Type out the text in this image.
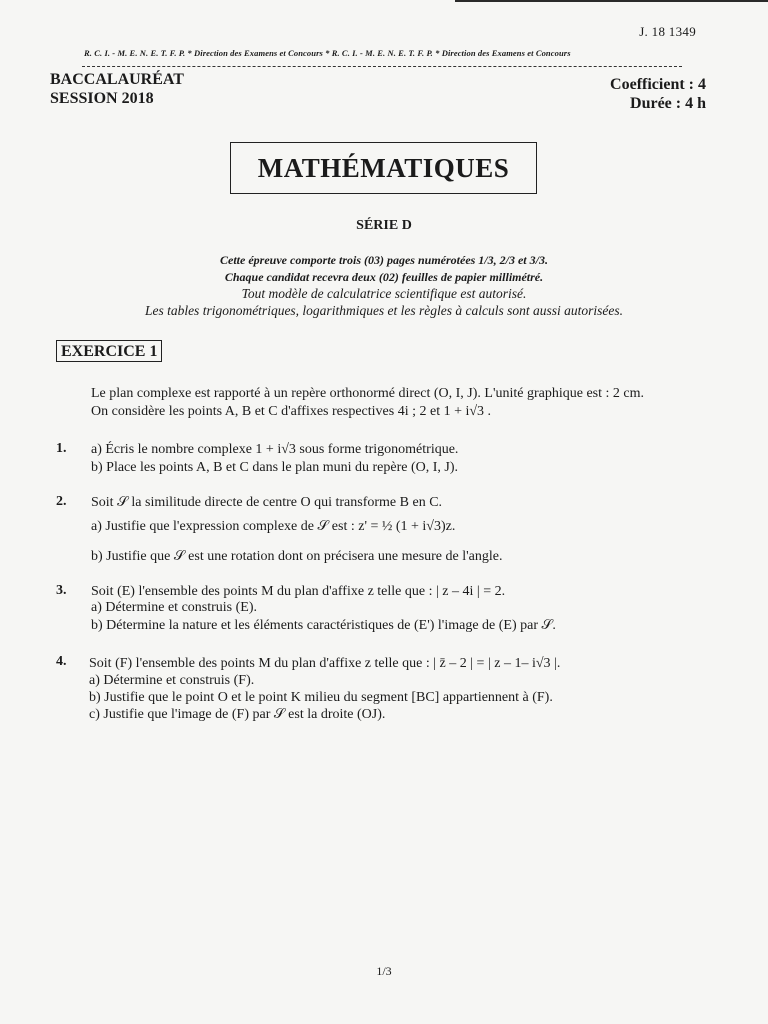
J. 18 1349
R. C. I. - M. E. N. E. T. F. P. * Direction des Examens et Concours * R. C. I. - M. E. N. E. T. F. P. * Direction des Examens et Concours
BACCALAURÉAT
SESSION 2018
Coefficient : 4
Durée : 4 h
MATHÉMATIQUES
SÉRIE D
Cette épreuve comporte trois (03) pages numérotées 1/3, 2/3 et 3/3.
Chaque candidat recevra deux (02) feuilles de papier millimétré.
Tout modèle de calculatrice scientifique est autorisé.
Les tables trigonométriques, logarithmiques et les règles à calculs sont aussi autorisées.
EXERCICE 1
Le plan complexe est rapporté à un repère orthonormé direct (O, I, J). L'unité graphique est : 2 cm.
On considère les points A, B et C d'affixes respectives 4i ; 2 et 1 + i√3 .
1. a) Écris le nombre complexe 1 + i√3 sous forme trigonométrique.
b) Place les points A, B et C dans le plan muni du repère (O, I, J).
2. Soit 𝒮 la similitude directe de centre O qui transforme B en C.
a) Justifie que l'expression complexe de 𝒮 est : z' = ½ (1 + i√3)z.
b) Justifie que 𝒮 est une rotation dont on précisera une mesure de l'angle.
3. Soit (E) l'ensemble des points M du plan d'affixe z telle que : | z – 4i | = 2.
a) Détermine et construis (E).
b) Détermine la nature et les éléments caractéristiques de (E') l'image de (E) par 𝒮.
4. Soit (F) l'ensemble des points M du plan d'affixe z telle que : | z̄ – 2 | = | z – 1– i√3 |.
a) Détermine et construis (F).
b) Justifie que le point O et le point K milieu du segment [BC] appartiennent à (F).
c) Justifie que l'image de (F) par 𝒮 est la droite (OJ).
1/3
